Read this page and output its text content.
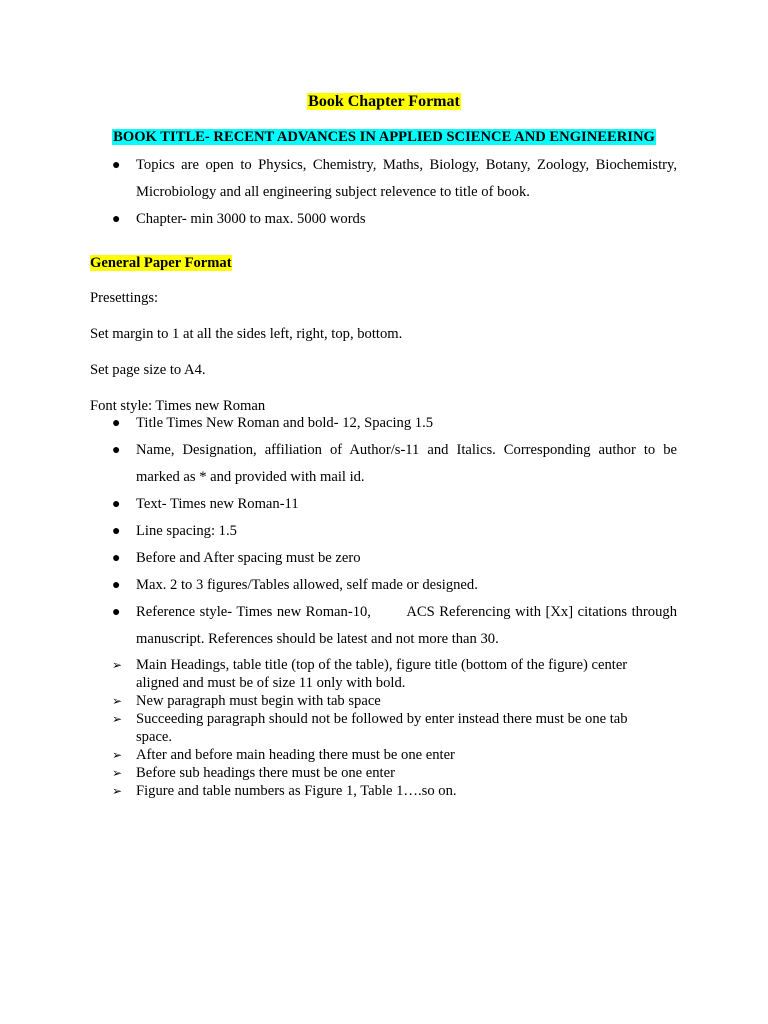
Book Chapter Format
BOOK TITLE- RECENT ADVANCES IN APPLIED SCIENCE AND ENGINEERING
● Topics are open to Physics, Chemistry, Maths, Biology, Botany, Zoology, Biochemistry, Microbiology and all engineering subject relevence to title of book.
● Chapter- min 3000 to max. 5000 words
General Paper Format
Presettings:
Set margin to 1 at all the sides left, right, top, bottom.
Set page size to A4.
Font style: Times new Roman
● Title Times New Roman and bold- 12, Spacing 1.5
● Name, Designation, affiliation of Author/s-11 and Italics. Corresponding author to be marked as * and provided with mail id.
● Text- Times new Roman-11
● Line spacing: 1.5
● Before and After spacing must be zero
● Max. 2 to 3 figures/Tables allowed, self made or designed.
● Reference style- Times new Roman-10,        ACS Referencing with [Xx] citations through manuscript. References should be latest and not more than 30.
➢ Main Headings, table title (top of the table), figure title (bottom of the figure) center aligned and must be of size 11 only with bold.
➢ New paragraph must begin with tab space
➢ Succeeding paragraph should not be followed by enter instead there must be one tab space.
➢ After and before main heading there must be one enter
➢ Before sub headings there must be one enter
➢ Figure and table numbers as Figure 1, Table 1….so on.
